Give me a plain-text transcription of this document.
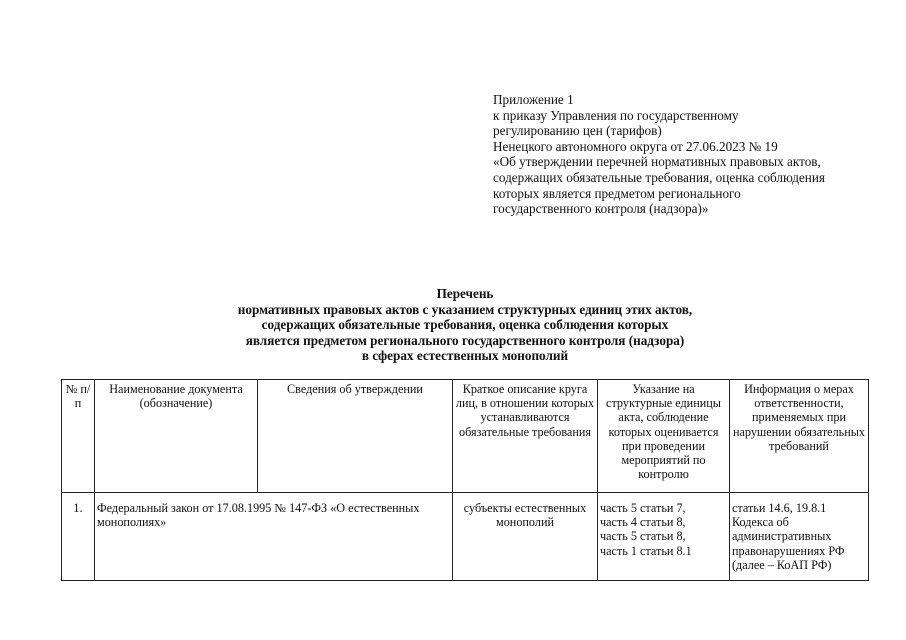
Приложение 1
к приказу Управления по государственному
регулированию цен (тарифов)
Ненецкого автономного округа от 27.06.2023 № 19
«Об утверждении перечней нормативных правовых актов,
содержащих обязательные требования, оценка соблюдения
которых является предметом регионального
государственного контроля (надзора)»
Перечень
нормативных правовых актов с указанием структурных единиц этих актов,
содержащих обязательные требования, оценка соблюдения которых
является предметом регионального государственного контроля (надзора)
в сферах естественных монополий
№ п/п	Наименование документа (обозначение)	Сведения об утверждении	Краткое описание круга лиц, в отношении которых устанавливаются обязательные требования	Указание на структурные единицы акта, соблюдение которых оценивается при проведении мероприятий по контролю	Информация о мерах ответственности, применяемых при нарушении обязательных требований
1.	Федеральный закон от 17.08.1995 № 147-ФЗ «О естественных монополиях»		субъекты естественных монополий	часть 5 статьи 7,
часть 4 статьи 8,
часть 5 статьи 8,
часть 1 статьи 8.1	статьи 14.6, 19.8.1 Кодекса об административных правонарушениях РФ (далее – КоАП РФ)
